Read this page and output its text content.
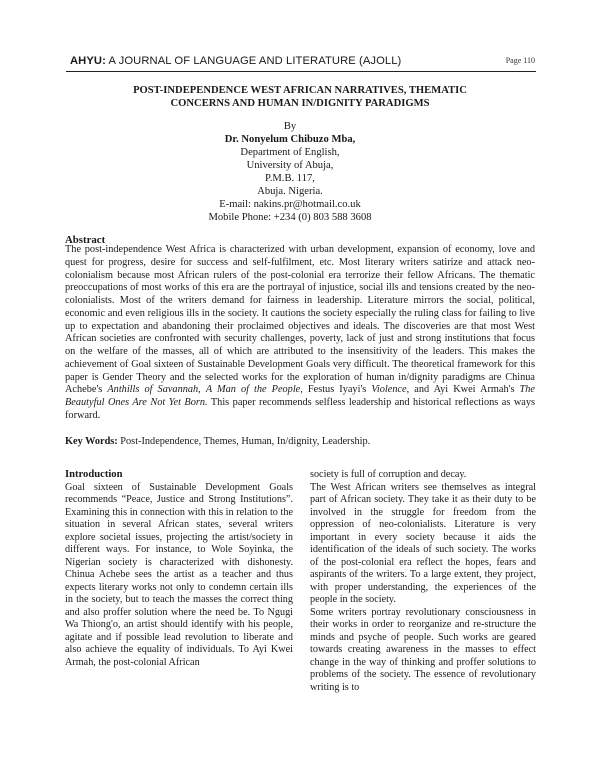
AHYU: A JOURNAL OF LANGUAGE AND LITERATURE (AJOLL)	Page 110
POST-INDEPENDENCE WEST AFRICAN NARRATIVES, THEMATIC
CONCERNS AND HUMAN IN/DIGNITY PARADIGMS
By
Dr. Nonyelum Chibuzo Mba,
Department of English,
University of Abuja,
P.M.B. 117,
Abuja. Nigeria.
E-mail: nakins.pr@hotmail.co.uk
Mobile Phone: +234 (0) 803 588 3608
Abstract
The post-independence West Africa is characterized with urban development, expansion of economy, love and quest for progress, desire for success and self-fulfilment, etc. Most literary writers satirize and attack neo-colonialism because most African rulers of the post-colonial era terrorize their fellow Africans. The thematic preoccupations of most works of this era are the portrayal of injustice, social ills and tensions created by the neo-colonialists. Most of the writers demand for fairness in leadership. Literature mirrors the social, political, economic and even religious ills in the society. It cautions the society especially the ruling class for failing to live up to expectation and abandoning their proclaimed objectives and ideals. The discoveries are that most West African societies are confronted with security challenges, poverty, lack of just and strong institutions that focus on the welfare of the masses, all of which are attributed to the insensitivity of the leaders. This makes the achievement of Goal sixteen of Sustainable Development Goals very difficult. The theoretical framework for this paper is Gender Theory and the selected works for the exploration of human in/dignity paradigms are Chinua Achebe's Anthills of Savannah, A Man of the People, Festus Iyayi's Violence, and Ayi Kwei Armah's The Beautyful Ones Are Not Yet Born. This paper recommends selfless leadership and historical reflections as ways forward.
Key Words: Post-Independence, Themes, Human, In/dignity, Leadership.
Introduction

Goal sixteen of Sustainable Development Goals recommends “Peace, Justice and Strong Institutions”. Examining this in connection with this in relation to the situation in several African states, several writers explore societal issues, projecting the artist/society in different ways. For instance, to Wole Soyinka, the Nigerian society is characterized with dishonesty. Chinua Achebe sees the artist as a teacher and thus expects literary works not only to condemn certain ills in the society, but to teach the masses the correct thing and also proffer solution where the need be. To Ngugi Wa Thiong'o, an artist should identify with his people, agitate and if possible lead revolution to liberate and also achieve the equality of individuals. To Ayi Kwei Armah, the post-colonial African

society is full of corruption and decay.

The West African writers see themselves as integral part of African society. They take it as their duty to be involved in the struggle for freedom from the oppression of neo-colonialists. Literature is very important in every society because it aids the identification of the ideals of such society. The works of the post-colonial era reflect the hopes, fears and aspirants of the writers. To a large extent, they project, with proper understanding, the experiences of the people in the society.

Some writers portray revolutionary consciousness in their works in order to reorganize and re-structure the minds and psyche of people. Such works are geared towards creating awareness in the masses to effect change in the way of thinking and proffer solutions to problems of the society. The essence of revolutionary writing is to
